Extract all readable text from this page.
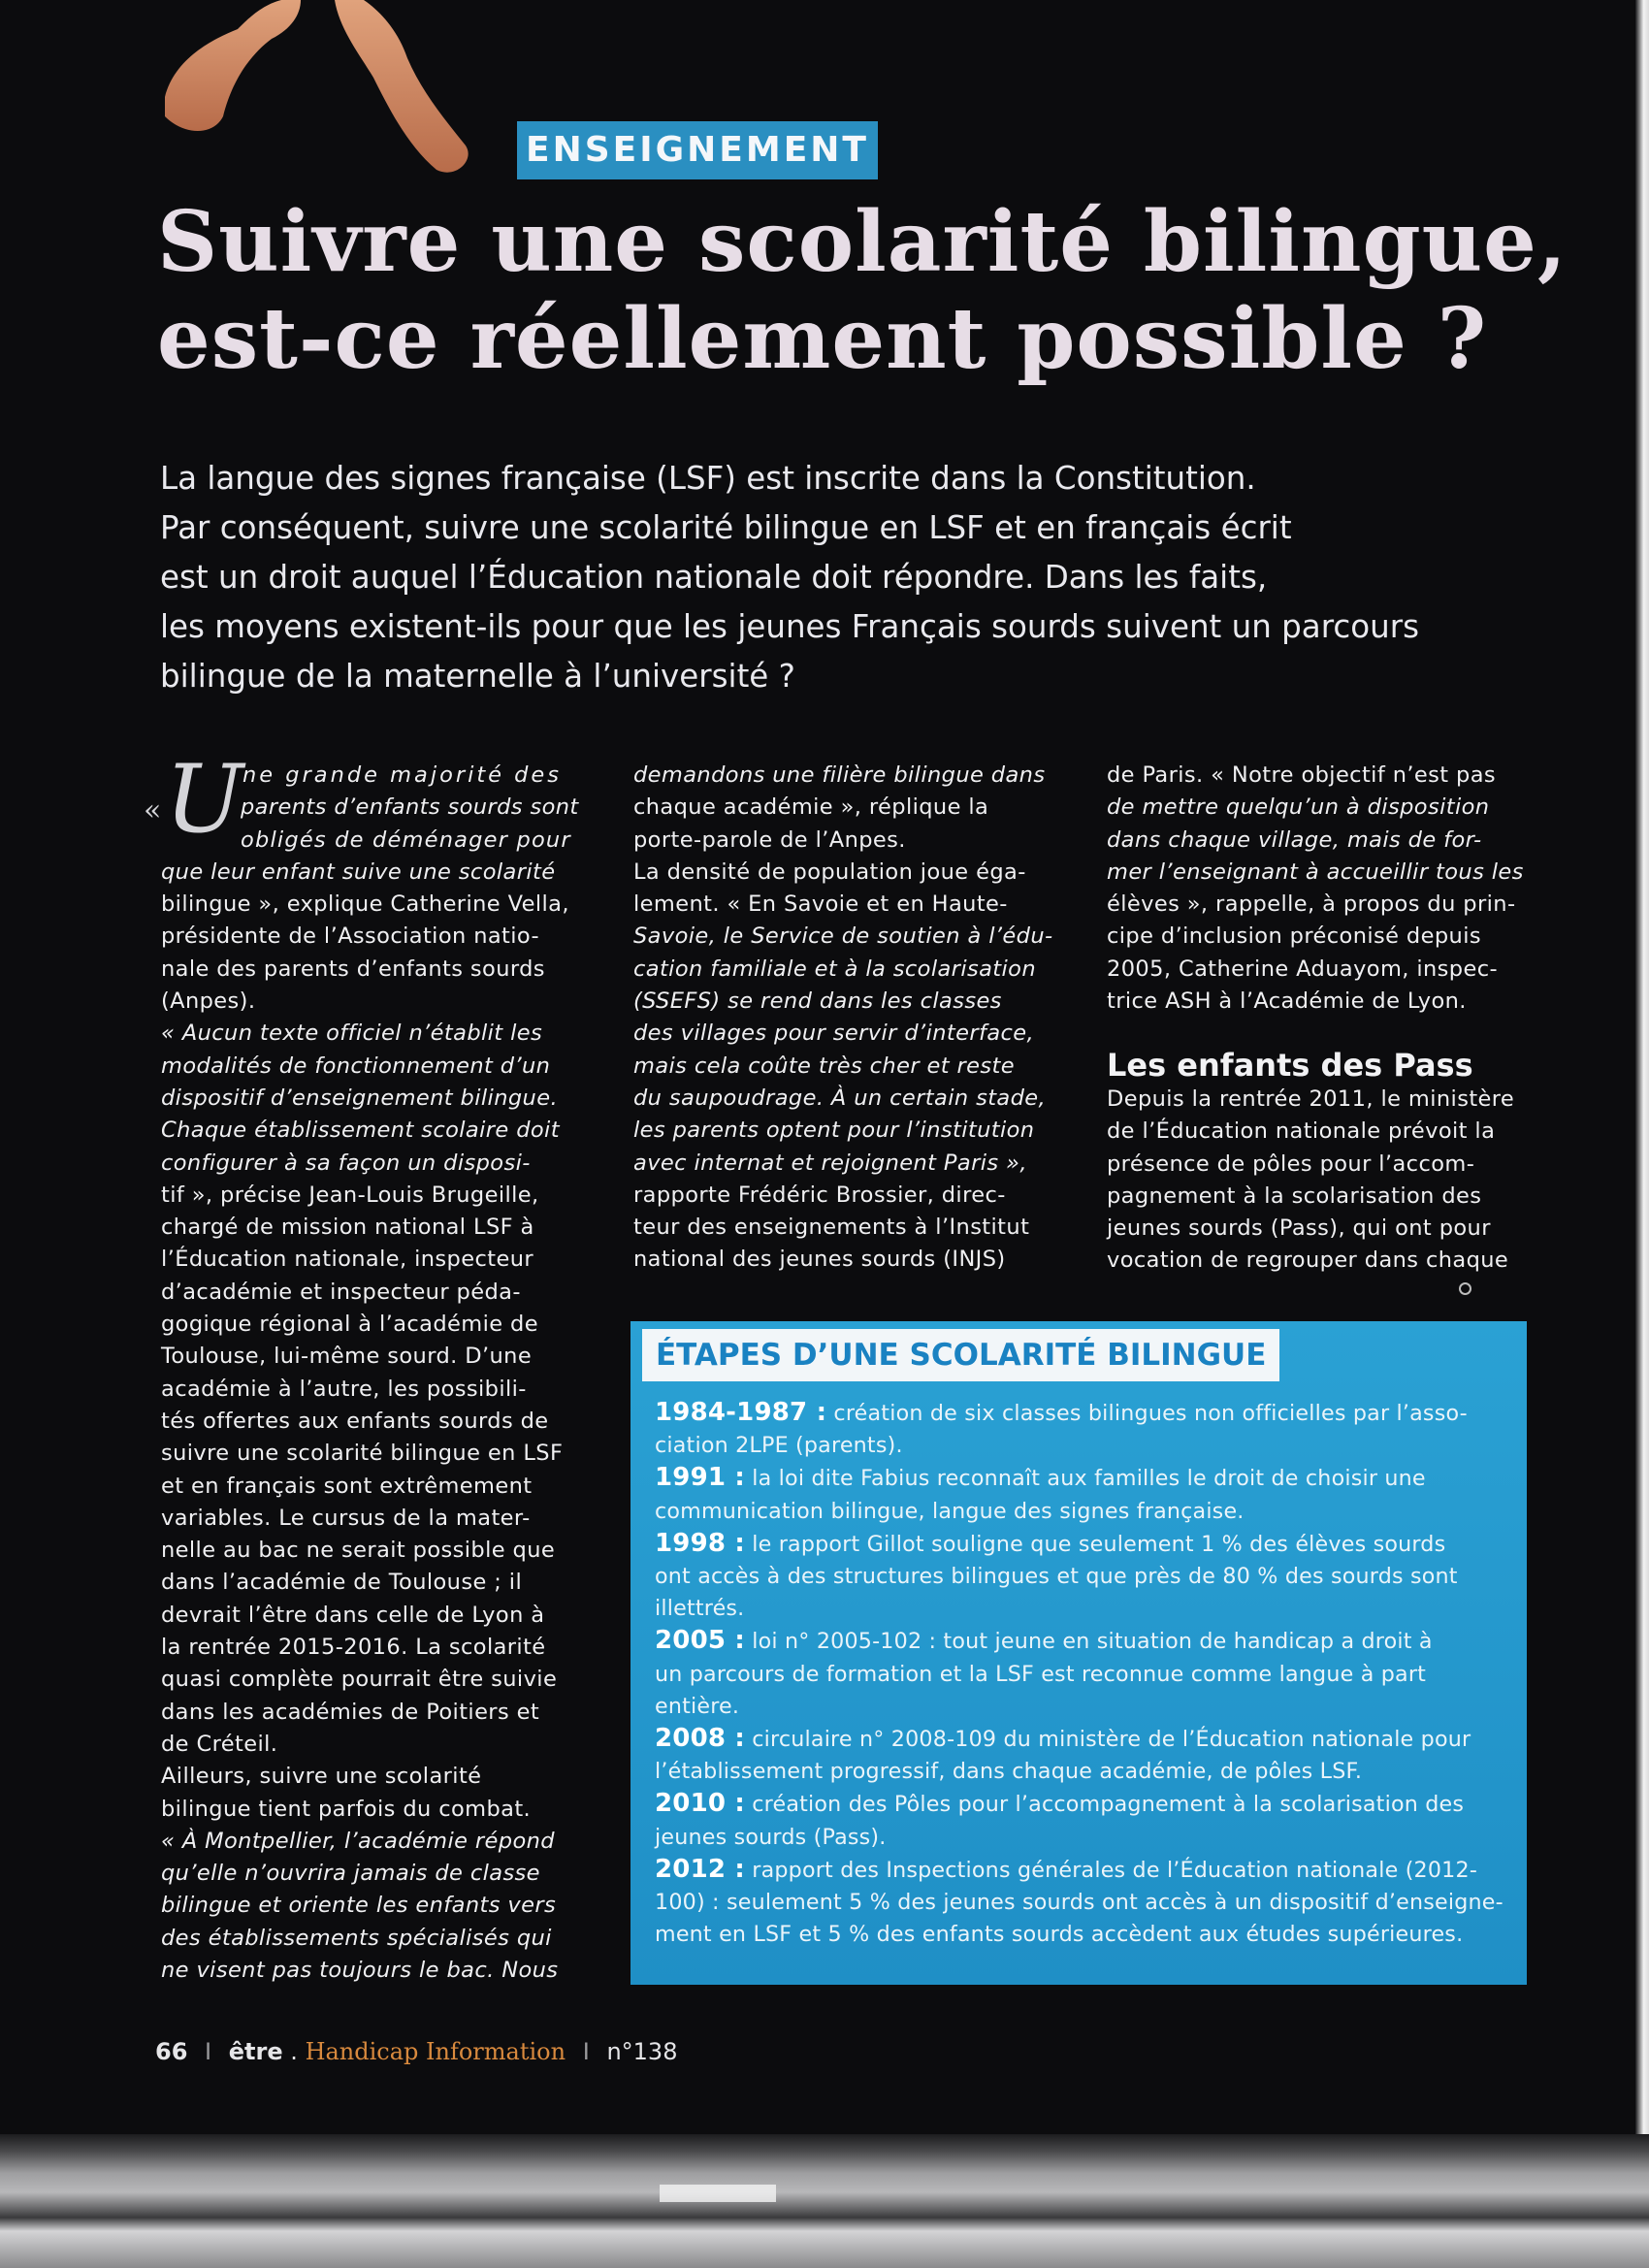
ENSEIGNEMENT
Suivre une scolarité bilingue,
est-ce réellement possible ?

La langue des signes française (LSF) est inscrite dans la Constitution.
Par conséquent, suivre une scolarité bilingue en LSF et en français écrit
est un droit auquel l’Éducation nationale doit répondre. Dans les faits,
les moyens existent-ils pour que les jeunes Français sourds suivent un parcours
bilingue de la maternelle à l’université ?

« U ne grande majorité des
parents d’enfants sourds sont
obligés de déménager pour
que leur enfant suive une scolarité
bilingue », explique Catherine Vella,
présidente de l’Association natio-
nale des parents d’enfants sourds
(Anpes).
« Aucun texte officiel n’établit les
modalités de fonctionnement d’un
dispositif d’enseignement bilingue.
Chaque établissement scolaire doit
configurer à sa façon un disposi-
tif », précise Jean-Louis Brugeille,
chargé de mission national LSF à
l’Éducation nationale, inspecteur
d’académie et inspecteur péda-
gogique régional à l’académie de
Toulouse, lui-même sourd. D’une
académie à l’autre, les possibili-
tés offertes aux enfants sourds de
suivre une scolarité bilingue en LSF
et en français sont extrêmement
variables. Le cursus de la mater-
nelle au bac ne serait possible que
dans l’académie de Toulouse ; il
devrait l’être dans celle de Lyon à
la rentrée 2015-2016. La scolarité
quasi complète pourrait être suivie
dans les académies de Poitiers et
de Créteil.
Ailleurs, suivre une scolarité
bilingue tient parfois du combat.
« À Montpellier, l’académie répond
qu’elle n’ouvrira jamais de classe
bilingue et oriente les enfants vers
des établissements spécialisés qui
ne visent pas toujours le bac. Nous
demandons une filière bilingue dans
chaque académie », réplique la
porte-parole de l’Anpes.
La densité de population joue éga-
lement. « En Savoie et en Haute-
Savoie, le Service de soutien à l’édu-
cation familiale et à la scolarisation
(SSEFS) se rend dans les classes
des villages pour servir d’interface,
mais cela coûte très cher et reste
du saupoudrage. À un certain stade,
les parents optent pour l’institution
avec internat et rejoignent Paris »,
rapporte Frédéric Brossier, direc-
teur des enseignements à l’Institut
national des jeunes sourds (INJS)
de Paris. « Notre objectif n’est pas
de mettre quelqu’un à disposition
dans chaque village, mais de for-
mer l’enseignant à accueillir tous les
élèves », rappelle, à propos du prin-
cipe d’inclusion préconisé depuis
2005, Catherine Aduayom, inspec-
trice ASH à l’Académie de Lyon.
Les enfants des Pass
Depuis la rentrée 2011, le ministère
de l’Éducation nationale prévoit la
présence de pôles pour l’accom-
pagnement à la scolarisation des
jeunes sourds (Pass), qui ont pour
vocation de regrouper dans chaque
ÉTAPES D’UNE SCOLARITÉ BILINGUE
1984-1987 : création de six classes bilingues non officielles par l’asso-
ciation 2LPE (parents).
1991 : la loi dite Fabius reconnaît aux familles le droit de choisir une
communication bilingue, langue des signes française.
1998 : le rapport Gillot souligne que seulement 1 % des élèves sourds
ont accès à des structures bilingues et que près de 80 % des sourds sont
illettrés.
2005 : loi n° 2005-102 : tout jeune en situation de handicap a droit à
un parcours de formation et la LSF est reconnue comme langue à part
entière.
2008 : circulaire n° 2008-109 du ministère de l’Éducation nationale pour
l’établissement progressif, dans chaque académie, de pôles LSF.
2010 : création des Pôles pour l’accompagnement à la scolarisation des
jeunes sourds (Pass).
2012 : rapport des Inspections générales de l’Éducation nationale (2012-
100) : seulement 5 % des jeunes sourds ont accès à un dispositif d’enseigne-
ment en LSF et 5 % des enfants sourds accèdent aux études supérieures.
66 I être . Handicap Information I n°138
